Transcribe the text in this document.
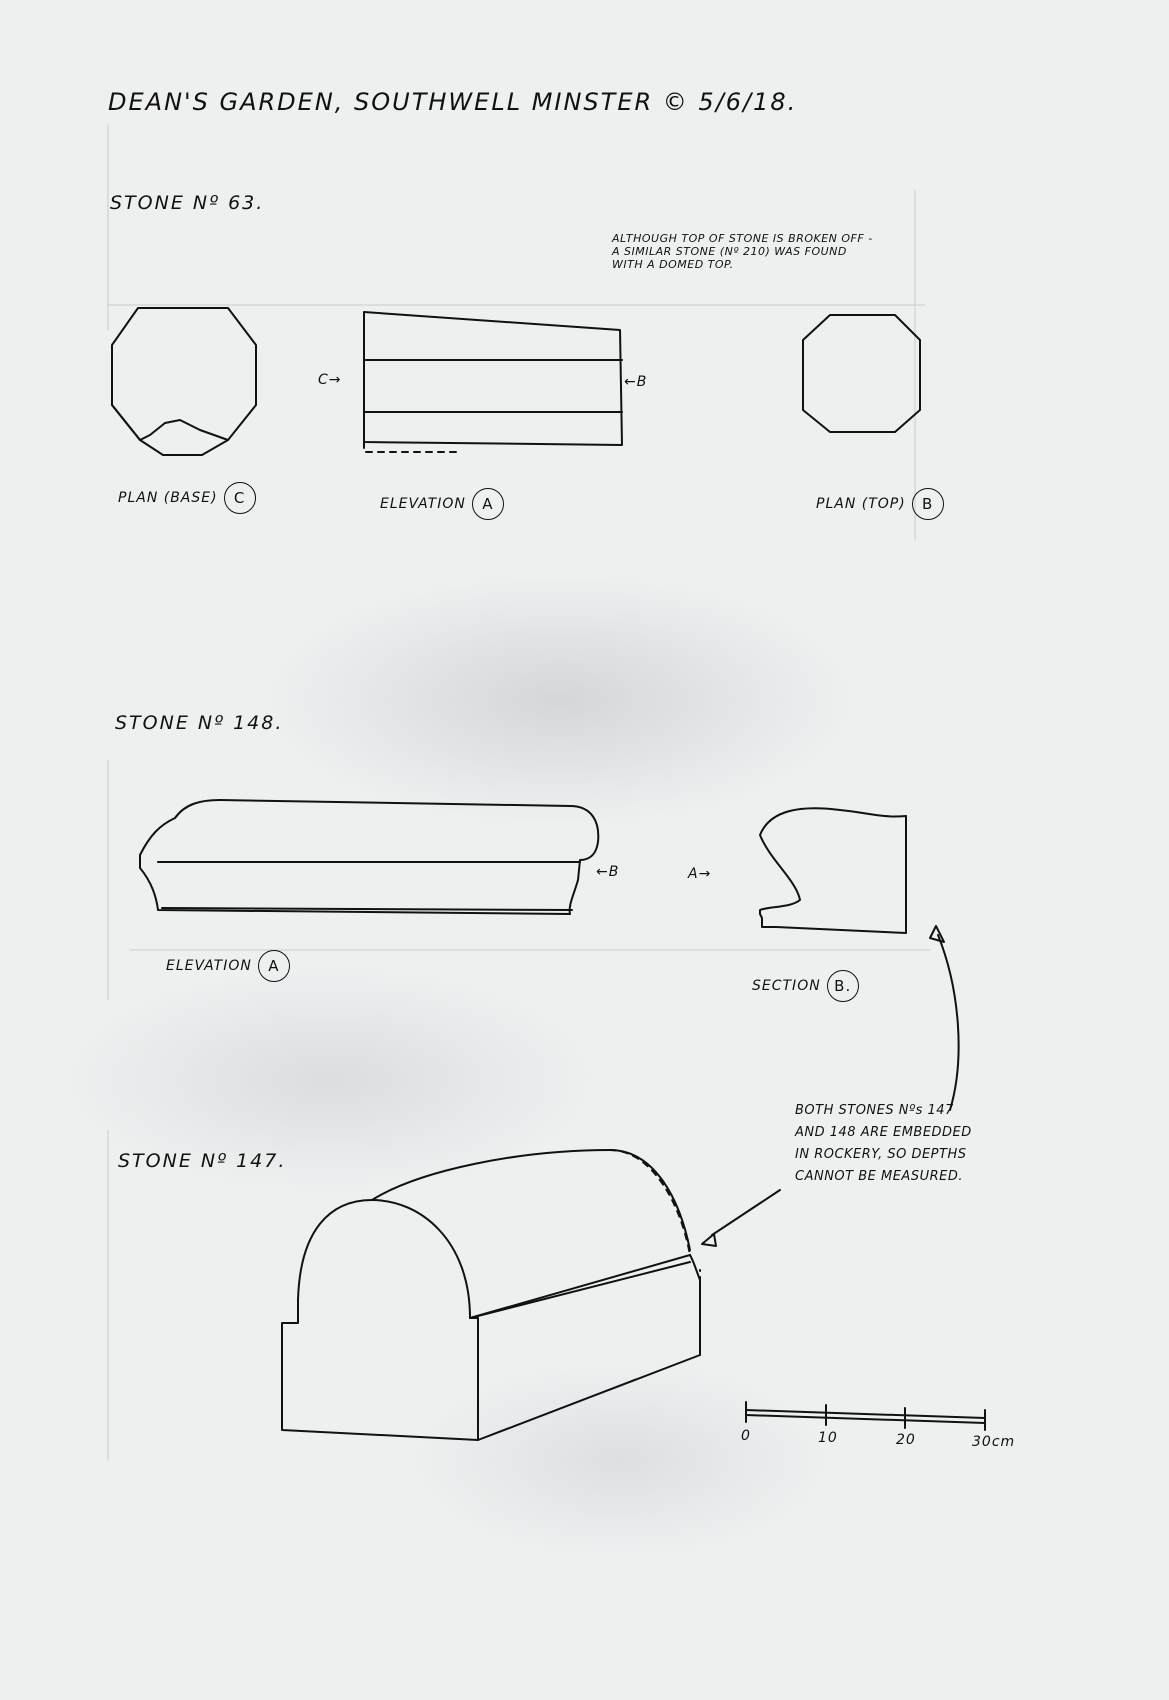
DEAN'S GARDEN, SOUTHWELL MINSTER © 5/6/18.
STONE Nº 63.
ALTHOUGH TOP OF STONE IS BROKEN OFF -
A SIMILAR STONE (Nº 210) WAS FOUND
WITH A DOMED TOP.
C→	←B
PLAN (BASE) C	ELEVATION A	PLAN (TOP) B
STONE Nº 148.
←B	A→
ELEVATION A
SECTION B.
BOTH STONES Nºs 147
AND 148 ARE EMBEDDED
IN ROCKERY, SO DEPTHS
CANNOT BE MEASURED.
STONE Nº 147.
0	10	20	30cm
